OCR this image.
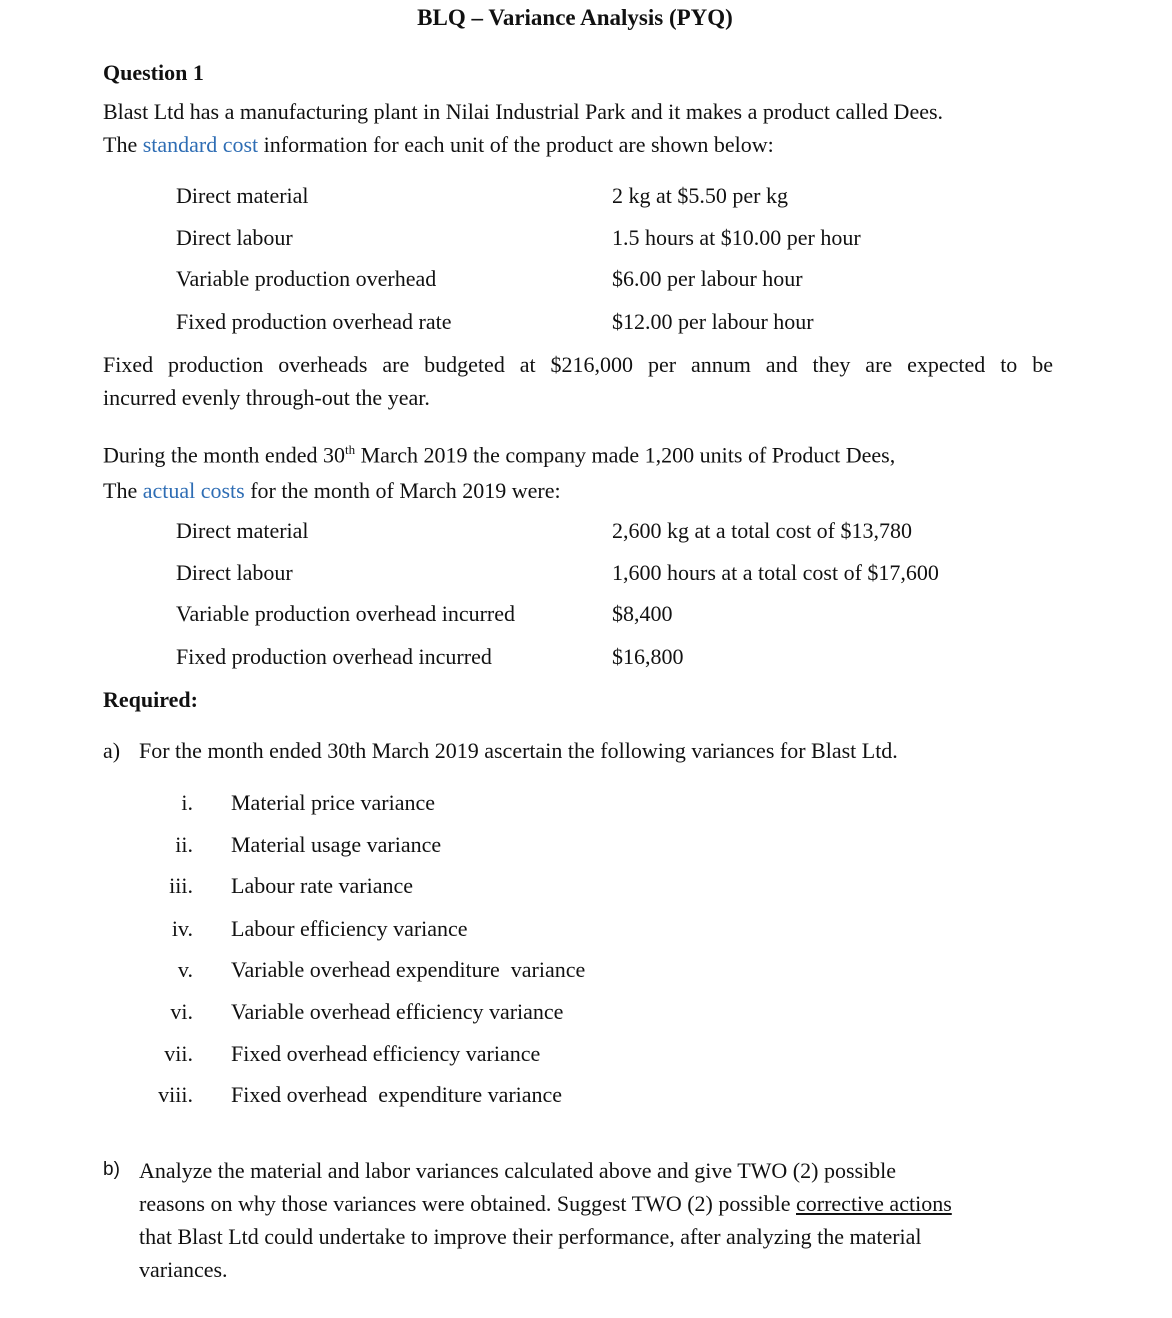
BLQ – Variance Analysis (PYQ)
Question 1
Blast Ltd has a manufacturing plant in Nilai Industrial Park and it makes a product called Dees.
The standard cost information for each unit of the product are shown below:
Direct material	2 kg at $5.50 per kg
Direct labour	1.5 hours at $10.00 per hour
Variable production overhead	$6.00 per labour hour
Fixed production overhead rate	$12.00 per labour hour
Fixed production overheads are budgeted at $216,000 per annum and they are expected to be
incurred evenly through-out the year.
During the month ended 30th March 2019 the company made 1,200 units of Product Dees,
The actual costs for the month of March 2019 were:
Direct material	2,600 kg at a total cost of $13,780
Direct labour	1,600 hours at a total cost of $17,600
Variable production overhead incurred	$8,400
Fixed production overhead incurred	$16,800
Required:
a) For the month ended 30th March 2019 ascertain the following variances for Blast Ltd.
i. Material price variance
ii. Material usage variance
iii. Labour rate variance
iv. Labour efficiency variance
v. Variable overhead expenditure  variance
vi. Variable overhead efficiency variance
vii. Fixed overhead efficiency variance
viii. Fixed overhead  expenditure variance
b) Analyze the material and labor variances calculated above and give TWO (2) possible
reasons on why those variances were obtained. Suggest TWO (2) possible corrective actions
that Blast Ltd could undertake to improve their performance, after analyzing the material
variances.
